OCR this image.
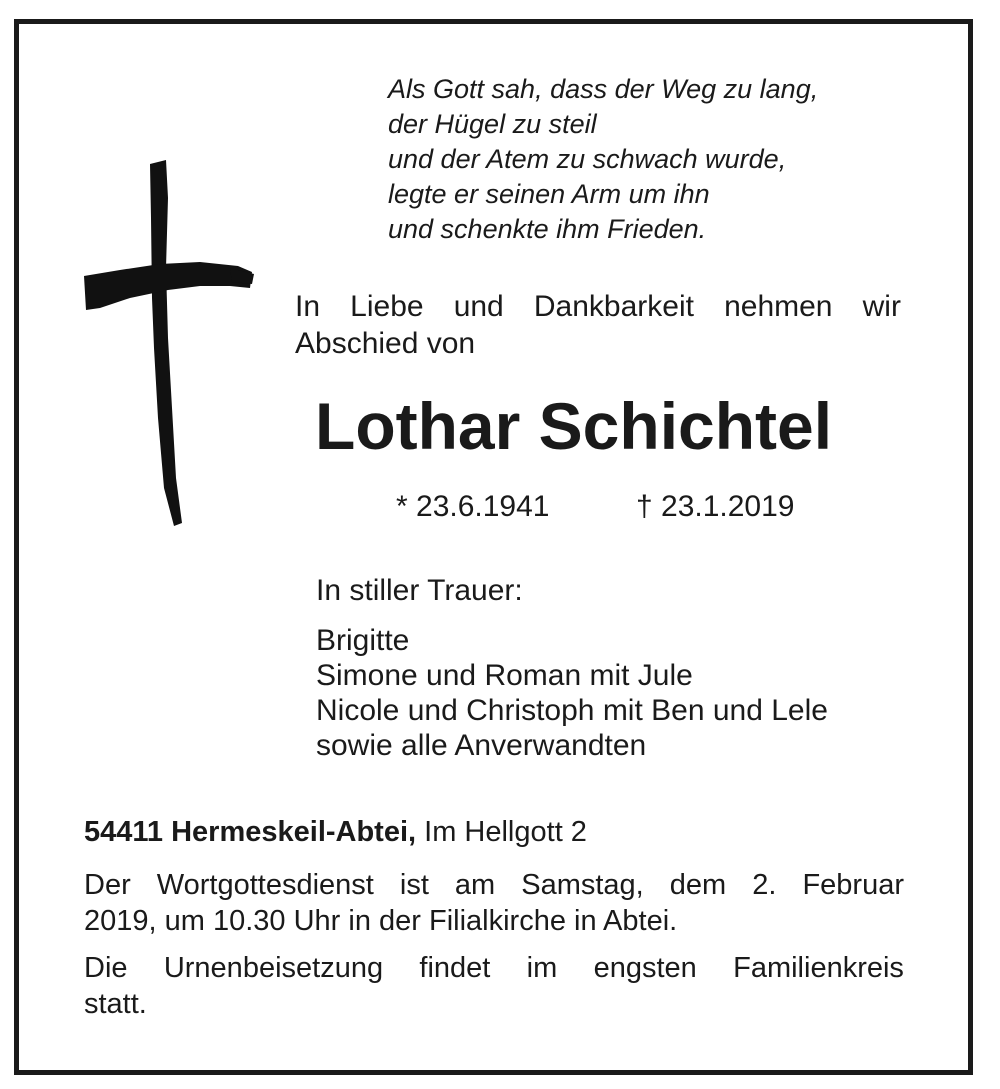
Als Gott sah, dass der Weg zu lang,
der Hügel zu steil
und der Atem zu schwach wurde,
legte er seinen Arm um ihn
und schenkte ihm Frieden.
In Liebe und Dankbarkeit nehmen wir
Abschied von
Lothar Schichtel
* 23.6.1941	† 23.1.2019
In stiller Trauer:
Brigitte
Simone und Roman mit Jule
Nicole und Christoph mit Ben und Lele
sowie alle Anverwandten
54411 Hermeskeil-Abtei, Im Hellgott 2
Der Wortgottesdienst ist am Samstag, dem 2. Februar
2019, um 10.30 Uhr in der Filialkirche in Abtei.
Die Urnenbeisetzung findet im engsten Familienkreis
statt.
